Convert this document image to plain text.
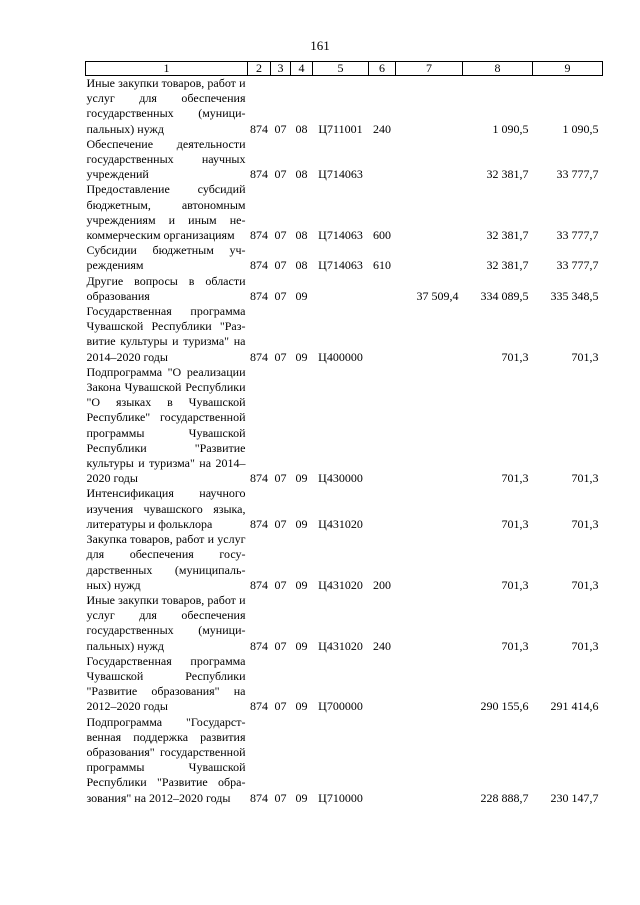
161
1	2	3	4	5	6	7	8	9
Иные закупки товаров, работ и услуг для обеспечения государственных (муниципальных) нужд	874	07	08	Ц711001	240		1 090,5	1 090,5
Обеспечение деятельности государственных научных учреждений	874	07	08	Ц714063			32 381,7	33 777,7
Предоставление субсидий бюджетным, автономным учреждениям и иным некоммерческим организациям	874	07	08	Ц714063	600		32 381,7	33 777,7
Субсидии бюджетным учреждениям	874	07	08	Ц714063	610		32 381,7	33 777,7
Другие вопросы в области образования	874	07	09			37 509,4	334 089,5	335 348,5
Государственная программа Чувашской Республики "Развитие культуры и туризма" на 2014–2020 годы	874	07	09	Ц400000			701,3	701,3
Подпрограмма "О реализации Закона Чувашской Республики "О языках в Чувашской Республике" государственной программы Чувашской Республики "Развитие культуры и туризма" на 2014–2020 годы	874	07	09	Ц430000			701,3	701,3
Интенсификация научного изучения чувашского языка, литературы и фольклора	874	07	09	Ц431020			701,3	701,3
Закупка товаров, работ и услуг для обеспечения государственных (муниципальных) нужд	874	07	09	Ц431020	200		701,3	701,3
Иные закупки товаров, работ и услуг для обеспечения государственных (муниципальных) нужд	874	07	09	Ц431020	240		701,3	701,3
Государственная программа Чувашской Республики "Развитие образования" на 2012–2020 годы	874	07	09	Ц700000			290 155,6	291 414,6
Подпрограмма "Государственная поддержка развития образования" государственной программы Чувашской Республики "Развитие образования" на 2012–2020 годы	874	07	09	Ц710000			228 888,7	230 147,7
